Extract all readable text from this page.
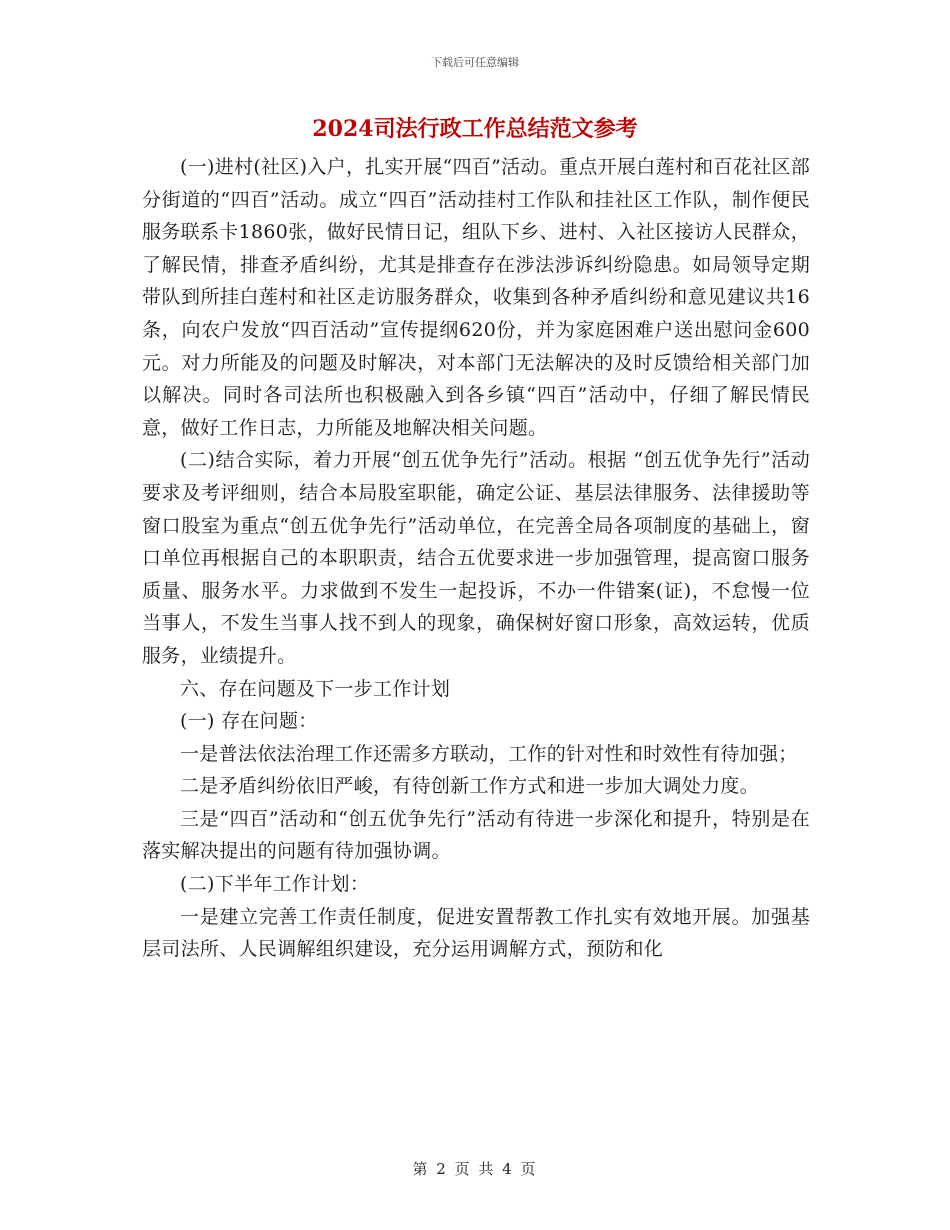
下载后可任意编辑
2024司法行政工作总结范文参考

(一)进村(社区)入户，扎实开展“四百”活动。重点开展白莲村和百花社区部分街道的“四百”活动。成立“四百”活动挂村工作队和挂社区工作队，制作便民服务联系卡1860张，做好民情日记，组队下乡、进村、入社区接访人民群众，了解民情，排查矛盾纠纷，尤其是排查存在涉法涉诉纠纷隐患。如局领导定期带队到所挂白莲村和社区走访服务群众，收集到各种矛盾纠纷和意见建议共16条，向农户发放“四百活动”宣传提纲620份，并为家庭困难户送出慰问金600元。对力所能及的问题及时解决，对本部门无法解决的及时反馈给相关部门加以解决。同时各司法所也积极融入到各乡镇“四百”活动中，仔细了解民情民意，做好工作日志，力所能及地解决相关问题。

(二)结合实际，着力开展“创五优争先行”活动。根据 “创五优争先行”活动要求及考评细则，结合本局股室职能，确定公证、基层法律服务、法律援助等窗口股室为重点“创五优争先行”活动单位，在完善全局各项制度的基础上，窗口单位再根据自己的本职职责，结合五优要求进一步加强管理，提高窗口服务质量、服务水平。力求做到不发生一起投诉，不办一件错案(证)，不怠慢一位当事人，不发生当事人找不到人的现象，确保树好窗口形象，高效运转，优质服务，业绩提升。

六、存在问题及下一步工作计划

(一) 存在问题：

一是普法依法治理工作还需多方联动，工作的针对性和时效性有待加强；

二是矛盾纠纷依旧严峻，有待创新工作方式和进一步加大调处力度。

三是“四百”活动和“创五优争先行”活动有待进一步深化和提升，特别是在落实解决提出的问题有待加强协调。

(二)下半年工作计划：

一是建立完善工作责任制度，促进安置帮教工作扎实有效地开展。加强基层司法所、人民调解组织建设，充分运用调解方式，预防和化

第 2 页 共 4 页
